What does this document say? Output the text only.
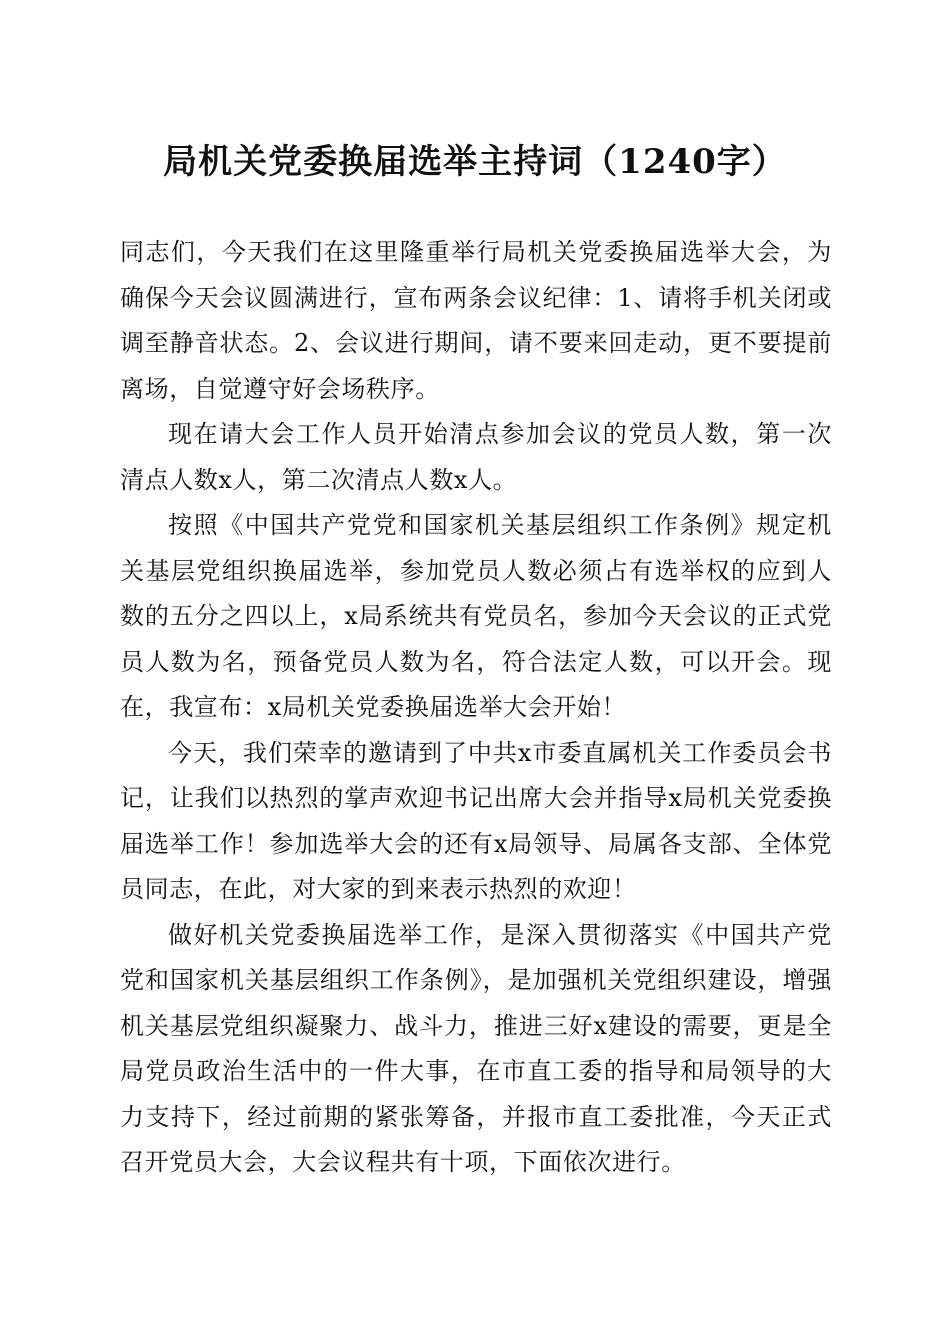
局机关党委换届选举主持词（1240字）

同志们，今天我们在这里隆重举行局机关党委换届选举大会，为确保今天会议圆满进行，宣布两条会议纪律：1、请将手机关闭或调至静音状态。2、会议进行期间，请不要来回走动，更不要提前离场，自觉遵守好会场秩序。

现在请大会工作人员开始清点参加会议的党员人数，第一次清点人数x人，第二次清点人数x人。

按照《中国共产党党和国家机关基层组织工作条例》规定机关基层党组织换届选举，参加党员人数必须占有选举权的应到人数的五分之四以上，x局系统共有党员名，参加今天会议的正式党员人数为名，预备党员人数为名，符合法定人数，可以开会。现在，我宣布：x局机关党委换届选举大会开始！

今天，我们荣幸的邀请到了中共x市委直属机关工作委员会书记，让我们以热烈的掌声欢迎书记出席大会并指导x局机关党委换届选举工作！参加选举大会的还有x局领导、局属各支部、全体党员同志，在此，对大家的到来表示热烈的欢迎！

做好机关党委换届选举工作，是深入贯彻落实《中国共产党党和国家机关基层组织工作条例》，是加强机关党组织建设，增强机关基层党组织凝聚力、战斗力，推进三好x建设的需要，更是全局党员政治生活中的一件大事，在市直工委的指导和局领导的大力支持下，经过前期的紧张筹备，并报市直工委批准，今天正式召开党员大会，大会议程共有十项，下面依次进行。
